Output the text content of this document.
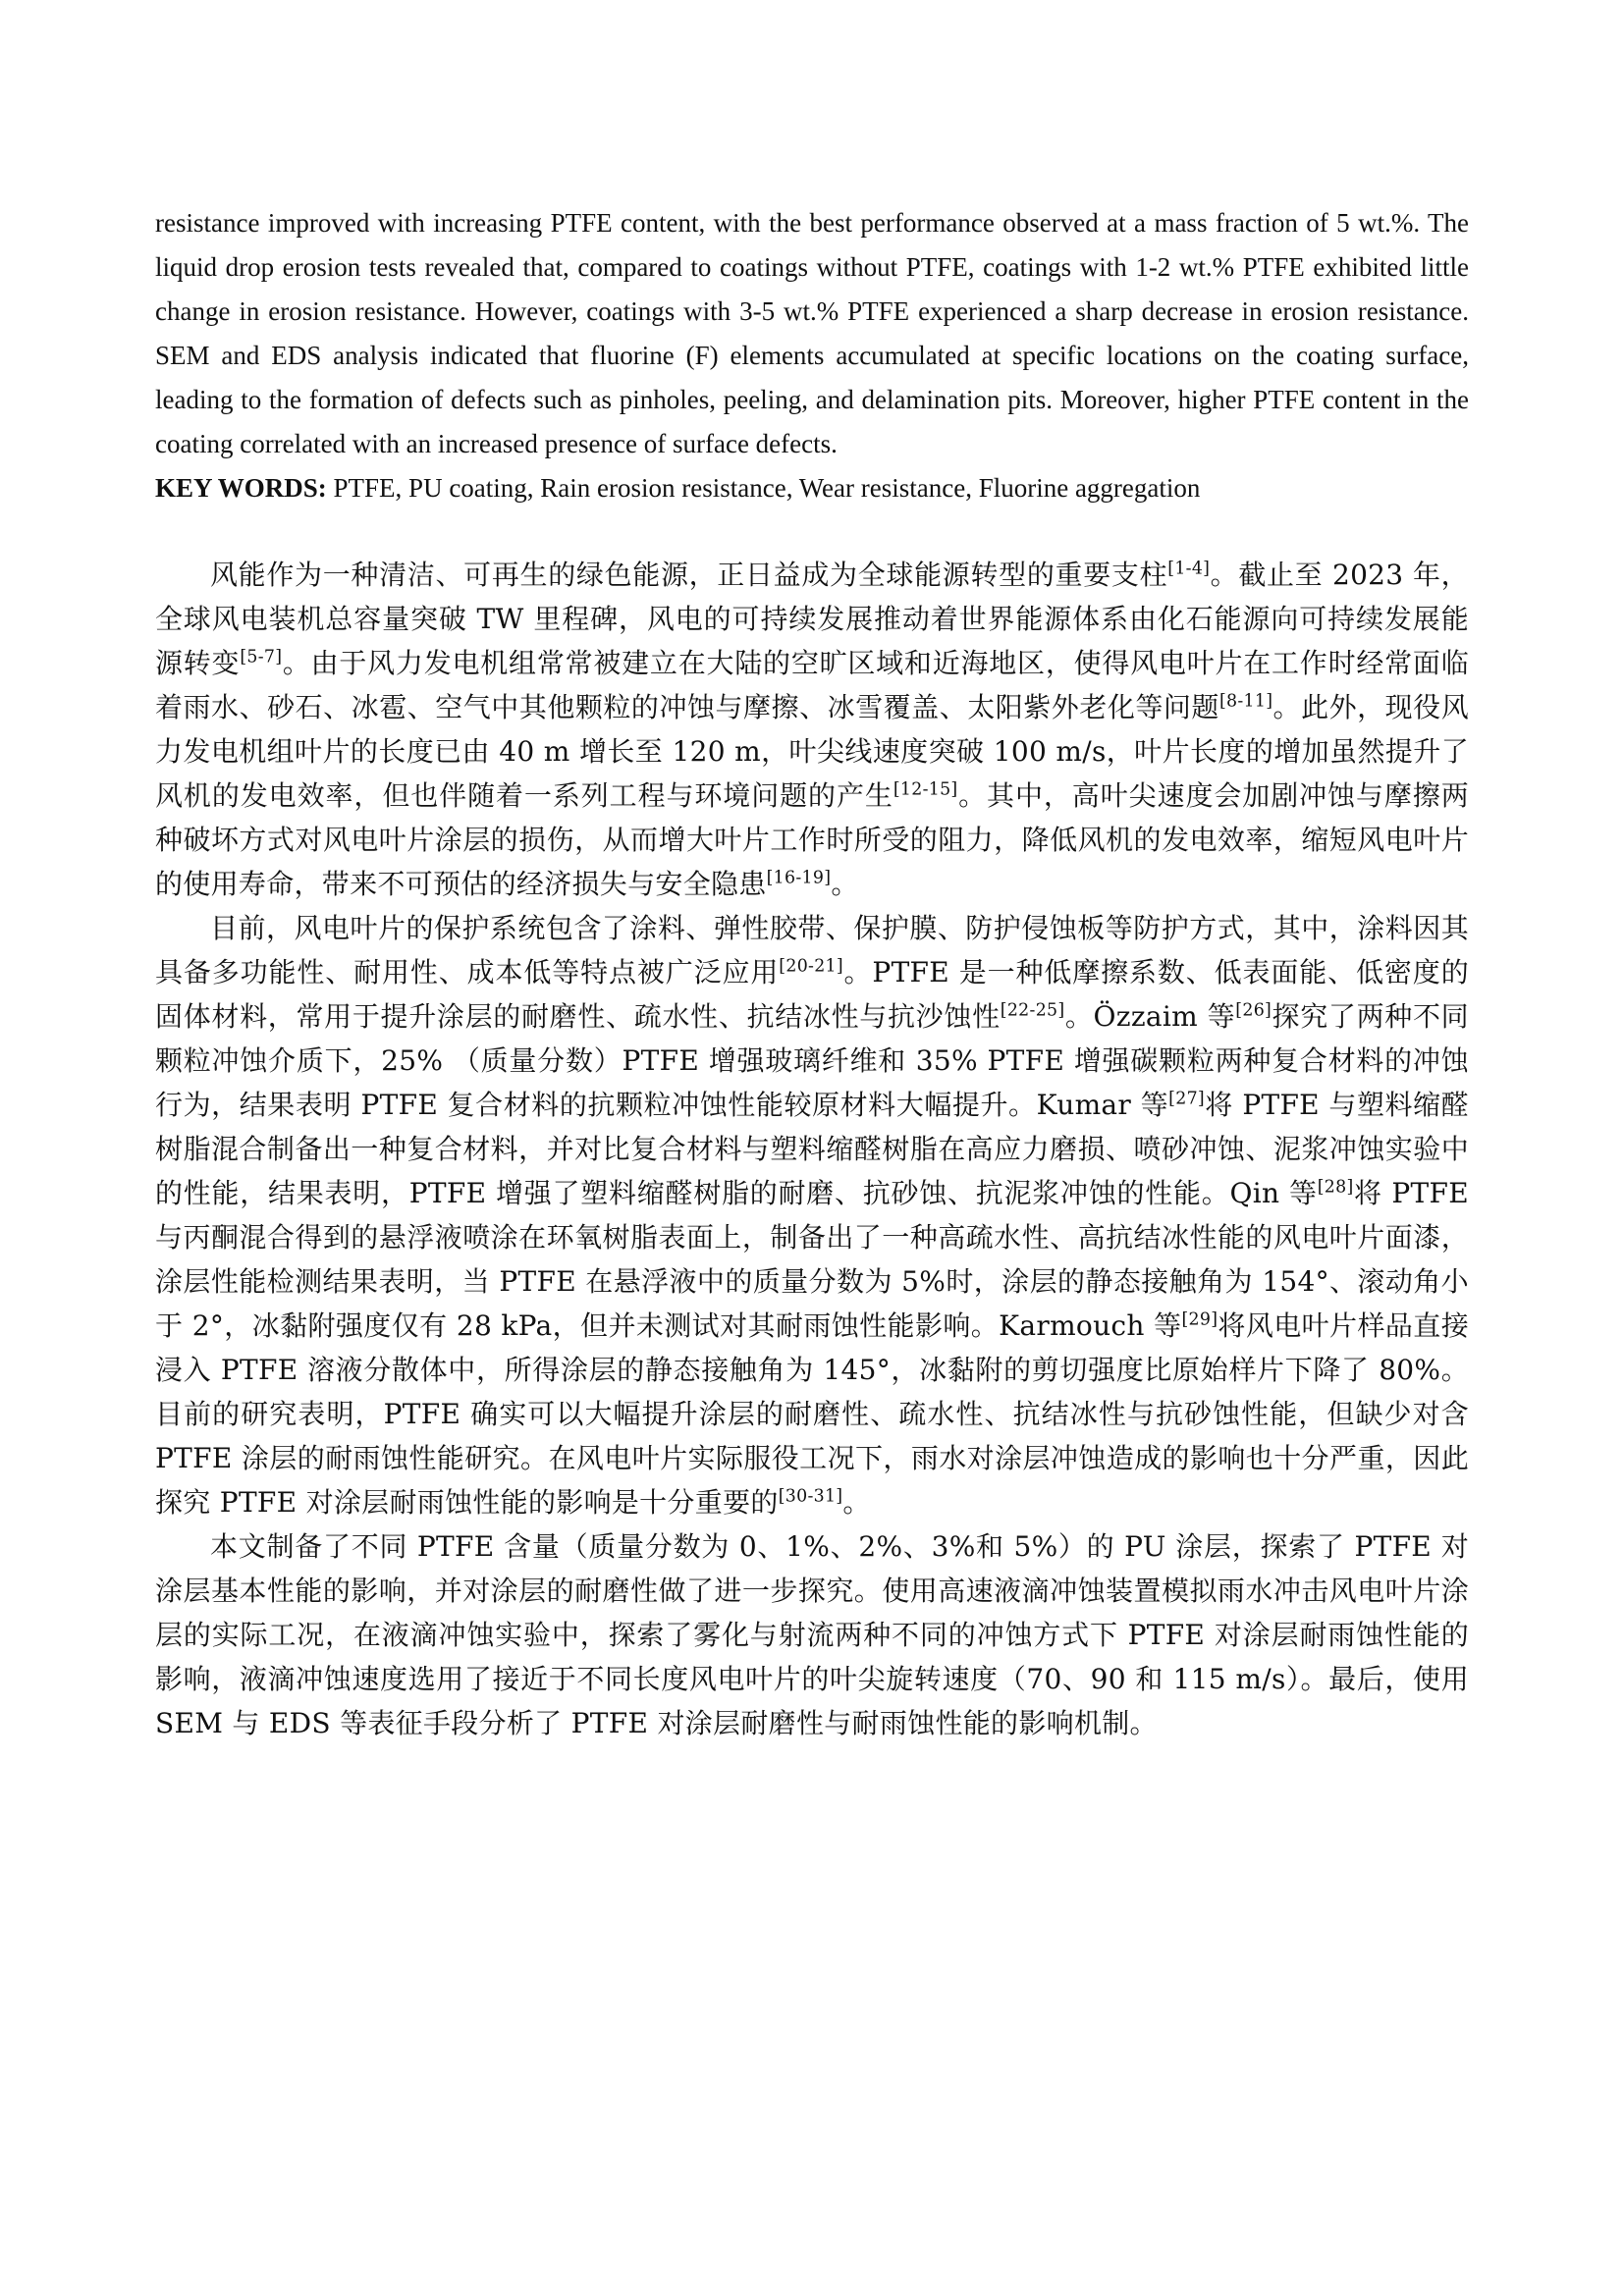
resistance improved with increasing PTFE content, with the best performance observed at a mass fraction of 5 wt.%. The liquid drop erosion tests revealed that, compared to coatings without PTFE, coatings with 1-2 wt.% PTFE exhibited little change in erosion resistance. However, coatings with 3-5 wt.% PTFE experienced a sharp decrease in erosion resistance. SEM and EDS analysis indicated that fluorine (F) elements accumulated at specific locations on the coating surface, leading to the formation of defects such as pinholes, peeling, and delamination pits. Moreover, higher PTFE content in the coating correlated with an increased presence of surface defects.

KEY WORDS: PTFE, PU coating, Rain erosion resistance, Wear resistance, Fluorine aggregation

风能作为一种清洁、可再生的绿色能源，正日益成为全球能源转型的重要支柱[1-4]。截止至 2023 年，全球风电装机总容量突破 TW 里程碑，风电的可持续发展推动着世界能源体系由化石能源向可持续发展能源转变[5-7]。由于风力发电机组常常被建立在大陆的空旷区域和近海地区，使得风电叶片在工作时经常面临着雨水、砂石、冰雹、空气中其他颗粒的冲蚀与摩擦、冰雪覆盖、太阳紫外老化等问题[8-11]。此外，现役风力发电机组叶片的长度已由 40 m 增长至 120 m，叶尖线速度突破 100 m/s，叶片长度的增加虽然提升了风机的发电效率，但也伴随着一系列工程与环境问题的产生[12-15]。其中，高叶尖速度会加剧冲蚀与摩擦两种破坏方式对风电叶片涂层的损伤，从而增大叶片工作时所受的阻力，降低风机的发电效率，缩短风电叶片的使用寿命，带来不可预估的经济损失与安全隐患[16-19]。

目前，风电叶片的保护系统包含了涂料、弹性胶带、保护膜、防护侵蚀板等防护方式，其中，涂料因其具备多功能性、耐用性、成本低等特点被广泛应用[20-21]。PTFE 是一种低摩擦系数、低表面能、低密度的固体材料，常用于提升涂层的耐磨性、疏水性、抗结冰性与抗沙蚀性[22-25]。Özzaim 等[26]探究了两种不同颗粒冲蚀介质下，25% （质量分数）PTFE 增强玻璃纤维和 35% PTFE 增强碳颗粒两种复合材料的冲蚀行为，结果表明 PTFE 复合材料的抗颗粒冲蚀性能较原材料大幅提升。Kumar 等[27]将 PTFE 与塑料缩醛树脂混合制备出一种复合材料，并对比复合材料与塑料缩醛树脂在高应力磨损、喷砂冲蚀、泥浆冲蚀实验中的性能，结果表明，PTFE 增强了塑料缩醛树脂的耐磨、抗砂蚀、抗泥浆冲蚀的性能。Qin 等[28]将 PTFE 与丙酮混合得到的悬浮液喷涂在环氧树脂表面上，制备出了一种高疏水性、高抗结冰性能的风电叶片面漆，涂层性能检测结果表明，当 PTFE 在悬浮液中的质量分数为 5%时，涂层的静态接触角为 154°、滚动角小于 2°，冰黏附强度仅有 28 kPa，但并未测试对其耐雨蚀性能影响。Karmouch 等[29]将风电叶片样品直接浸入 PTFE 溶液分散体中，所得涂层的静态接触角为 145°，冰黏附的剪切强度比原始样片下降了 80%。目前的研究表明，PTFE 确实可以大幅提升涂层的耐磨性、疏水性、抗结冰性与抗砂蚀性能，但缺少对含 PTFE 涂层的耐雨蚀性能研究。在风电叶片实际服役工况下，雨水对涂层冲蚀造成的影响也十分严重，因此探究 PTFE 对涂层耐雨蚀性能的影响是十分重要的[30-31]。

本文制备了不同 PTFE 含量（质量分数为 0、1%、2%、3%和 5%）的 PU 涂层，探索了 PTFE 对涂层基本性能的影响，并对涂层的耐磨性做了进一步探究。使用高速液滴冲蚀装置模拟雨水冲击风电叶片涂层的实际工况，在液滴冲蚀实验中，探索了雾化与射流两种不同的冲蚀方式下 PTFE 对涂层耐雨蚀性能的影响，液滴冲蚀速度选用了接近于不同长度风电叶片的叶尖旋转速度（70、90 和 115 m/s）。最后，使用 SEM 与 EDS 等表征手段分析了 PTFE 对涂层耐磨性与耐雨蚀性能的影响机制。
